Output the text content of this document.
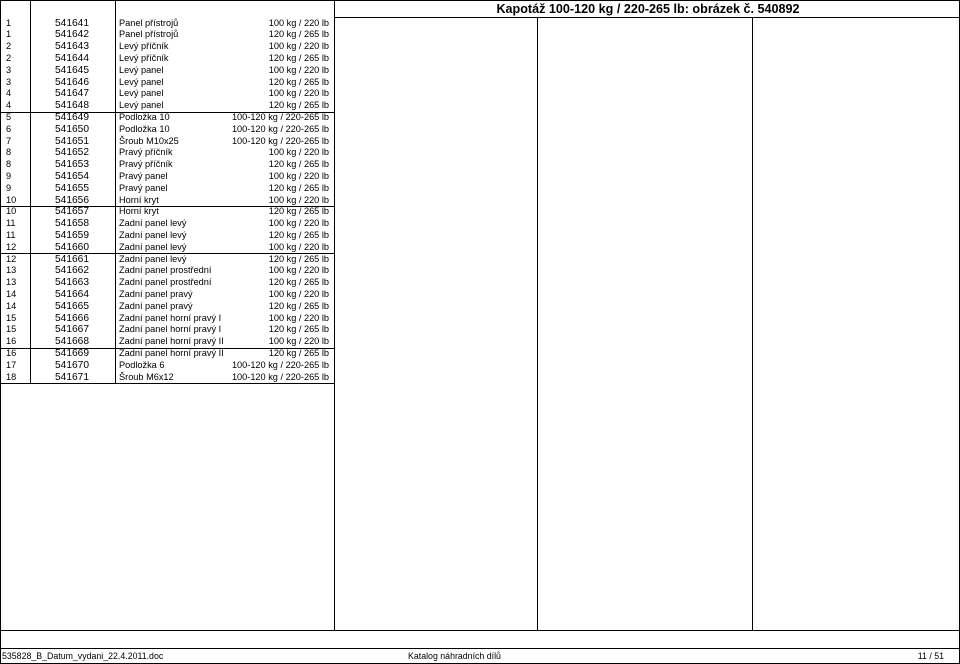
Kapotáž 100-120 kg / 220-265 lb: obrázek č. 540892
1	541641	Panel přístrojů	100 kg / 220 lb
1	541642	Panel přístrojů	120 kg / 265 lb
2	541643	Levý příčník	100 kg / 220 lb
2	541644	Levý příčník	120 kg / 265 lb
3	541645	Levý panel	100 kg / 220 lb
3	541646	Levý panel	120 kg / 265 lb
4	541647	Levý panel	100 kg / 220 lb
4	541648	Levý panel	120 kg / 265 lb
5	541649	Podložka 10	100-120 kg / 220-265 lb
6	541650	Podložka 10	100-120 kg / 220-265 lb
7	541651	Šroub M10x25	100-120 kg / 220-265 lb
8	541652	Pravý příčník	100 kg / 220 lb
8	541653	Pravý příčník	120 kg / 265 lb
9	541654	Pravý panel	100 kg / 220 lb
9	541655	Pravý panel	120 kg / 265 lb
10	541656	Horní kryt	100 kg / 220 lb
10	541657	Horní kryt	120 kg / 265 lb
11	541658	Zadní panel levý	100 kg / 220 lb
11	541659	Zadní panel levý	120 kg / 265 lb
12	541660	Zadní panel levý	100 kg / 220 lb
12	541661	Zadní panel levý	120 kg / 265 lb
13	541662	Zadní panel prostřední	100 kg / 220 lb
13	541663	Zadní panel prostřední	120 kg / 265 lb
14	541664	Zadní panel pravý	100 kg / 220 lb
14	541665	Zadní panel pravý	120 kg / 265 lb
15	541666	Zadní panel horní pravý I	100 kg / 220 lb
15	541667	Zadní panel horní pravý I	120 kg / 265 lb
16	541668	Zadní panel horní pravý II	100 kg / 220 lb
16	541669	Zadní panel horní pravý II	120 kg / 265 lb
17	541670	Podložka 6	100-120 kg / 220-265 lb
18	541671	Šroub M6x12	100-120 kg / 220-265 lb
535828_B_Datum_vydani_22.4.2011.doc	Katalog náhradních dílů	11 / 51
